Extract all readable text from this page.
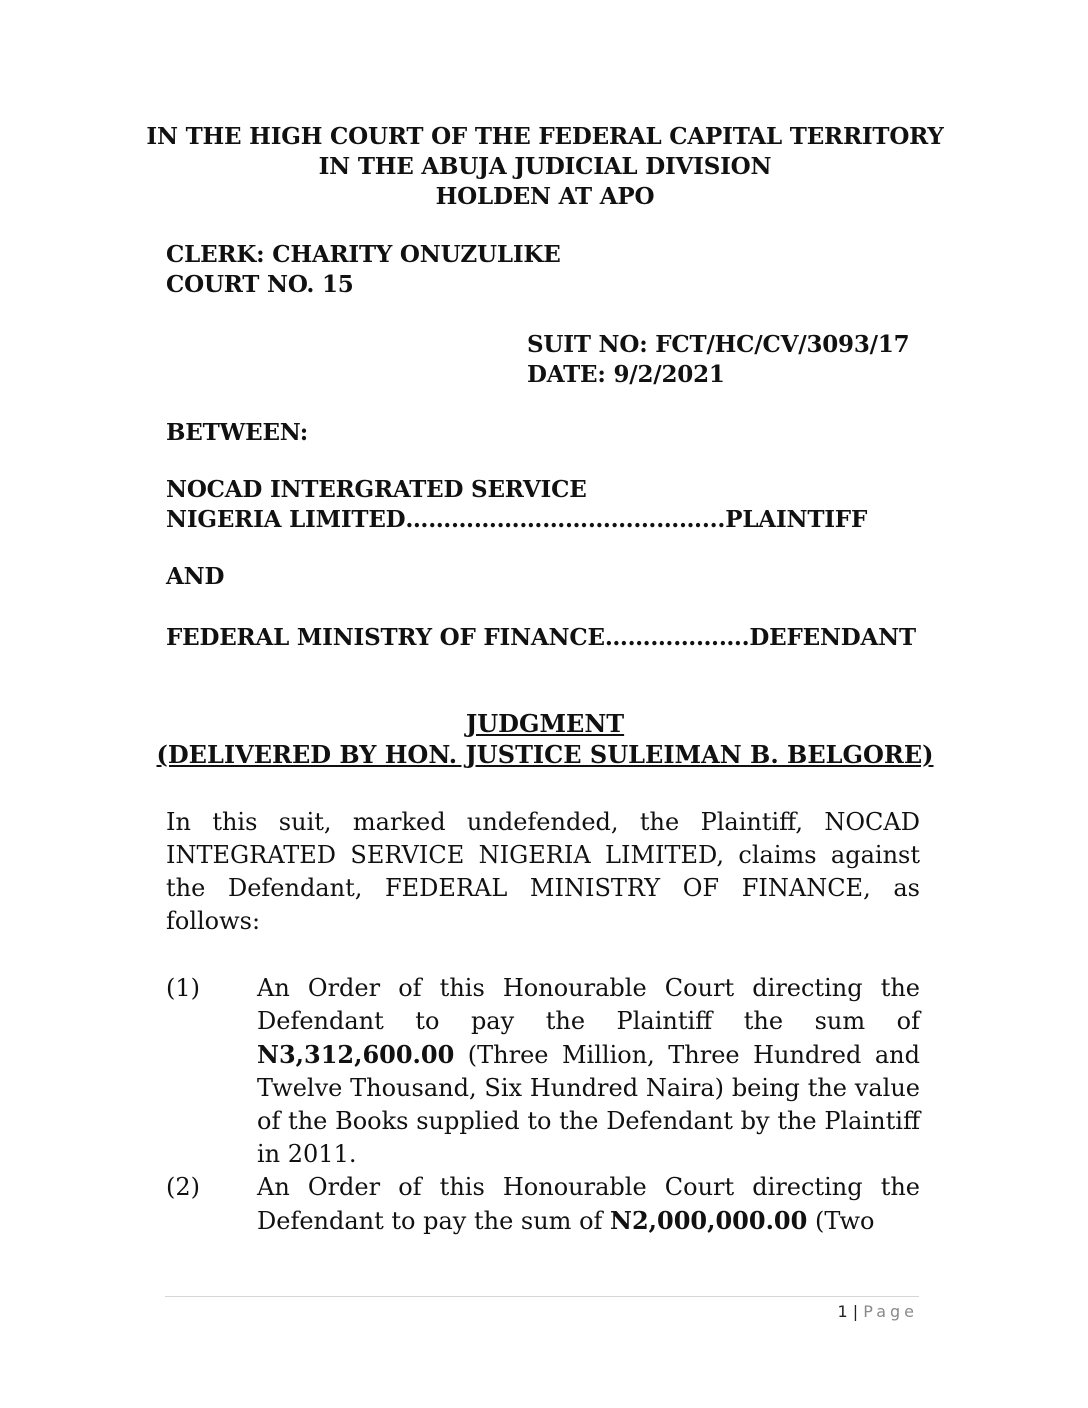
IN THE HIGH COURT OF THE FEDERAL CAPITAL TERRITORY
IN THE ABUJA JUDICIAL DIVISION
HOLDEN AT APO
CLERK: CHARITY ONUZULIKE
COURT NO. 15
SUIT NO: FCT/HC/CV/3093/17
DATE: 9/2/2021
BETWEEN:
NOCAD INTERGRATED SERVICE
NIGERIA LIMITED…………………………………...PLAINTIFF
AND
FEDERAL MINISTRY OF FINANCE……………….DEFENDANT
JUDGMENT
(DELIVERED BY HON. JUSTICE SULEIMAN B. BELGORE)
In this suit, marked undefended, the Plaintiff, NOCAD INTEGRATED SERVICE NIGERIA LIMITED, claims against the Defendant, FEDERAL MINISTRY OF FINANCE, as follows:
(1)	An Order of this Honourable Court directing the Defendant to pay the Plaintiff the sum of N3,312,600.00 (Three Million, Three Hundred and Twelve Thousand, Six Hundred Naira) being the value of the Books supplied to the Defendant by the Plaintiff in 2011.
(2)	An Order of this Honourable Court directing the Defendant to pay the sum of N2,000,000.00 (Two
1 | Page
